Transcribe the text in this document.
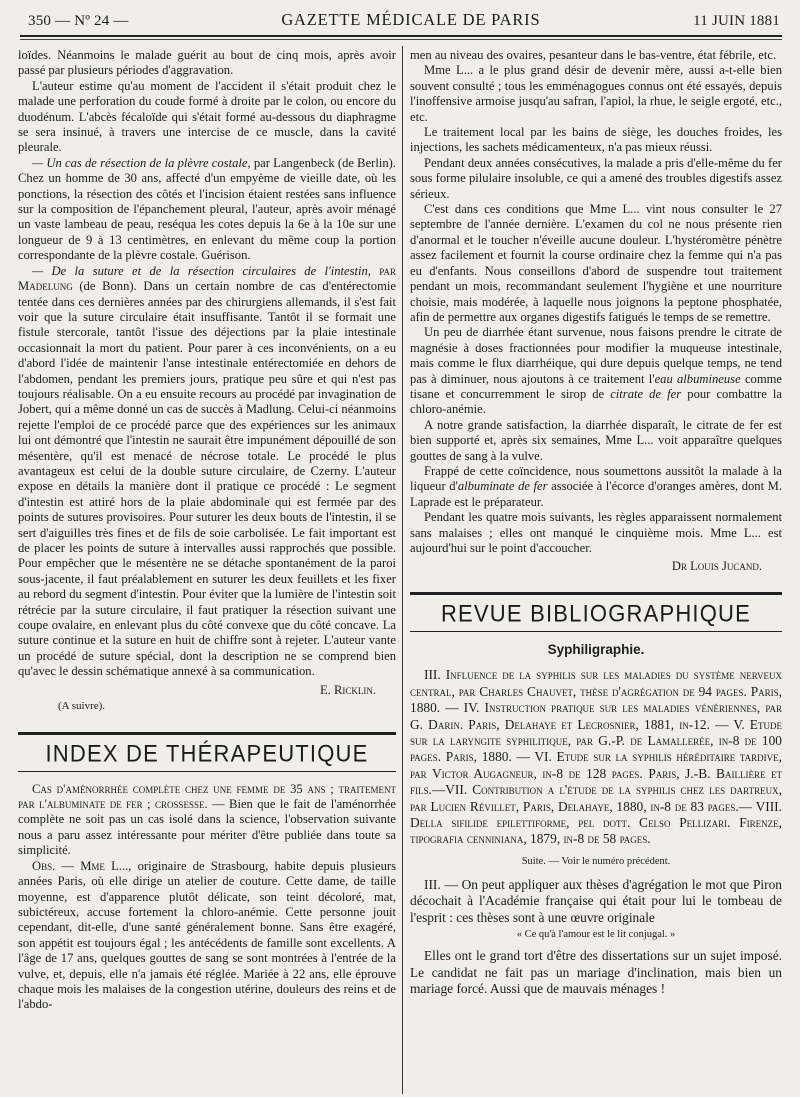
350 — Nº 24 —	GAZETTE MÉDICALE DE PARIS	11 JUIN 1881

loïdes. Néanmoins le malade guérit au bout de cinq mois, après avoir passé par plusieurs périodes d'aggravation.

L'auteur estime qu'au moment de l'accident il s'était produit chez le malade une perforation du coude formé à droite par le colon, ou encore du duodénum. L'abcès fécaloïde qui s'était formé au-dessous du diaphragme se sera insinué, à travers une intercise de ce muscle, dans la cavité pleurale.

— Un cas de résection de la plèvre costale, par Langenbeck (de Berlin). Chez un homme de 30 ans, affecté d'un empyème de vieille date, où les ponctions, la résection des côtés et l'incision étaient restées sans influence sur la composition de l'épanchement pleural, l'auteur, après avoir ménagé un vaste lambeau de peau, reséqua les cotes depuis la 6e à la 10e sur une longueur de 9 à 13 centimètres, en enlevant du même coup la portion correspondante de la plèvre costale. Guérison.

— De la suture et de la résection circulaires de l'intestin, par Madelung (de Bonn). Dans un certain nombre de cas d'entérectomie tentée dans ces dernières années par des chirurgiens allemands, il s'est fait voir que la suture circulaire était insuffisante. Tantôt il se formait une fistule stercorale, tantôt l'issue des déjections par la plaie intestinale occasionnait la mort du patient. Pour parer à ces inconvénients, on a eu d'abord l'idée de maintenir l'anse intestinale entérectomiée en dehors de l'abdomen, pendant les premiers jours, pratique peu sûre et qui n'est pas toujours réalisable. On a eu ensuite recours au procédé par invagination de Jobert, qui a même donné un cas de succès à Madlung. Celui-ci néanmoins rejette l'emploi de ce procédé parce que des expériences sur les animaux lui ont démontré que l'intestin ne saurait être impunément dépouillé de son mésentère, qu'il est menacé de nécrose totale. Le procédé le plus avantageux est celui de la double suture circulaire, de Czerny. L'auteur expose en détails la manière dont il pratique ce procédé : Le segment d'intestin est attiré hors de la plaie abdominale qui est fermée par des points de sutures provisoires. Pour suturer les deux bouts de l'intestin, il se sert d'aiguilles très fines et de fils de soie carbolisée. Le fait important est de placer les points de suture à intervalles aussi rapprochés que possible. Pour empêcher que le mésentère ne se détache spontanément de la paroi sous-jacente, il faut préalablement en suturer les deux feuillets et les fixer au rebord du segment d'intestin. Pour éviter que la lumière de l'intestin soit rétrécie par la suture circulaire, il faut pratiquer la résection suivant une coupe ovalaire, en enlevant plus du côté convexe que du côté concave. La suture continue et la suture en huit de chiffre sont à rejeter. L'auteur vante un procédé de suture spécial, dont la description ne se comprend bien qu'avec le dessin schématique annexé à sa communication.

E. Ricklin.
(A suivre).
INDEX DE THÉRAPEUTIQUE

Cas d'aménorrhée complète chez une femme de 35 ans ; traitement par l'albuminate de fer ; crossesse. — Bien que le fait de l'aménorrhée complète ne soit pas un cas isolé dans la science, l'observation suivante nous a paru assez intéressante pour mériter d'être publiée dans toute sa simplicité.

Obs. — Mme L..., originaire de Strasbourg, habite depuis plusieurs années Paris, où elle dirige un atelier de couture. Cette dame, de taille moyenne, est d'apparence plutôt délicate, son teint décoloré, mat, subictéreux, accuse fortement la chloro-anémie. Cette personne jouit cependant, dit-elle, d'une santé généralement bonne. Sans être exagéré, son appétit est toujours égal ; les antécédents de famille sont excellents. A l'âge de 17 ans, quelques gouttes de sang se sont montrées à l'entrée de la vulve, et, depuis, elle n'a jamais été réglée. Mariée à 22 ans, elle éprouve chaque mois les malaises de la congestion utérine, douleurs des reins et de l'abdo-

men au niveau des ovaires, pesanteur dans le bas-ventre, état fébrile, etc.

Mme L... a le plus grand désir de devenir mère, aussi a-t-elle bien souvent consulté ; tous les emménagogues connus ont été essayés, depuis l'inoffensive armoise jusqu'au safran, l'apiol, la rhue, le seigle ergoté, etc., etc.

Le traitement local par les bains de siège, les douches froides, les injections, les sachets médicamenteux, n'a pas mieux réussi.

Pendant deux années consécutives, la malade a pris d'elle-même du fer sous forme pilulaire insoluble, ce qui a amené des troubles digestifs assez sérieux.

C'est dans ces conditions que Mme L... vint nous consulter le 27 septembre de l'année dernière. L'examen du col ne nous présente rien d'anormal et le toucher n'éveille aucune douleur. L'hystéromètre pénètre assez facilement et fournit la course ordinaire chez la femme qui n'a pas eu d'enfants. Nous conseillons d'abord de suspendre tout traitement pendant un mois, recommandant seulement l'hygiène et une nourriture choisie, mais modérée, à laquelle nous joignons la peptone phosphatée, afin de permettre aux organes digestifs fatigués le temps de se remettre.

Un peu de diarrhée étant survenue, nous faisons prendre le citrate de magnésie à doses fractionnées pour modifier la muqueuse intestinale, mais comme le flux diarrhéique, qui dure depuis quelque temps, ne tend pas à diminuer, nous ajoutons à ce traitement l'eau albumineuse comme tisane et concurremment le sirop de citrate de fer pour combattre la chloro-anémie.

A notre grande satisfaction, la diarrhée disparaît, le citrate de fer est bien supporté et, après six semaines, Mme L... voit apparaître quelques gouttes de sang à la vulve.

Frappé de cette coïncidence, nous soumettons aussitôt la malade à la liqueur d'albuminate de fer associée à l'écorce d'oranges amères, dont M. Laprade est le préparateur.

Pendant les quatre mois suivants, les règles apparaissent normalement sans malaises ; elles ont manqué le cinquième mois. Mme L... est aujourd'hui sur le point d'accoucher.

Dr Louis Jucand.
REVUE BIBLIOGRAPHIQUE
Syphiligraphie.

III. Influence de la syphilis sur les maladies du système nerveux central, par Charles Chauvet, thèse d'agrégation de 94 pages. Paris, 1880. — IV. Instruction pratique sur les maladies vénériennes, par G. Darin. Paris, Delahaye et Lecrosnier, 1881, in-12. — V. Etude sur la laryngite syphilitique, par G.-P. de Lamallerée, in-8 de 100 pages. Paris, 1880. — VI. Etude sur la syphilis héréditaire tardive, par Victor Augagneur, in-8 de 128 pages. Paris, J.-B. Baillière et fils.—VII. Contribution a l'étude de la syphilis chez les dartreux, par Lucien Révillet, Paris, Delahaye, 1880, in-8 de 83 pages.— VIII. Della sifilide epilettiforme, pel dott. Celso Pellizari. Firenze, tipografia cenniniana, 1879, in-8 de 58 pages.

Suite. — Voir le numéro précédent.

III. — On peut appliquer aux thèses d'agrégation le mot que Piron décochait à l'Académie française qui était pour lui le tombeau de l'esprit : ces thèses sont à une œuvre originale

« Ce qu'à l'amour est le lit conjugal. »

Elles ont le grand tort d'être des dissertations sur un sujet imposé. Le candidat ne fait pas un mariage d'inclination, mais bien un mariage forcé. Aussi que de mauvais ménages !
